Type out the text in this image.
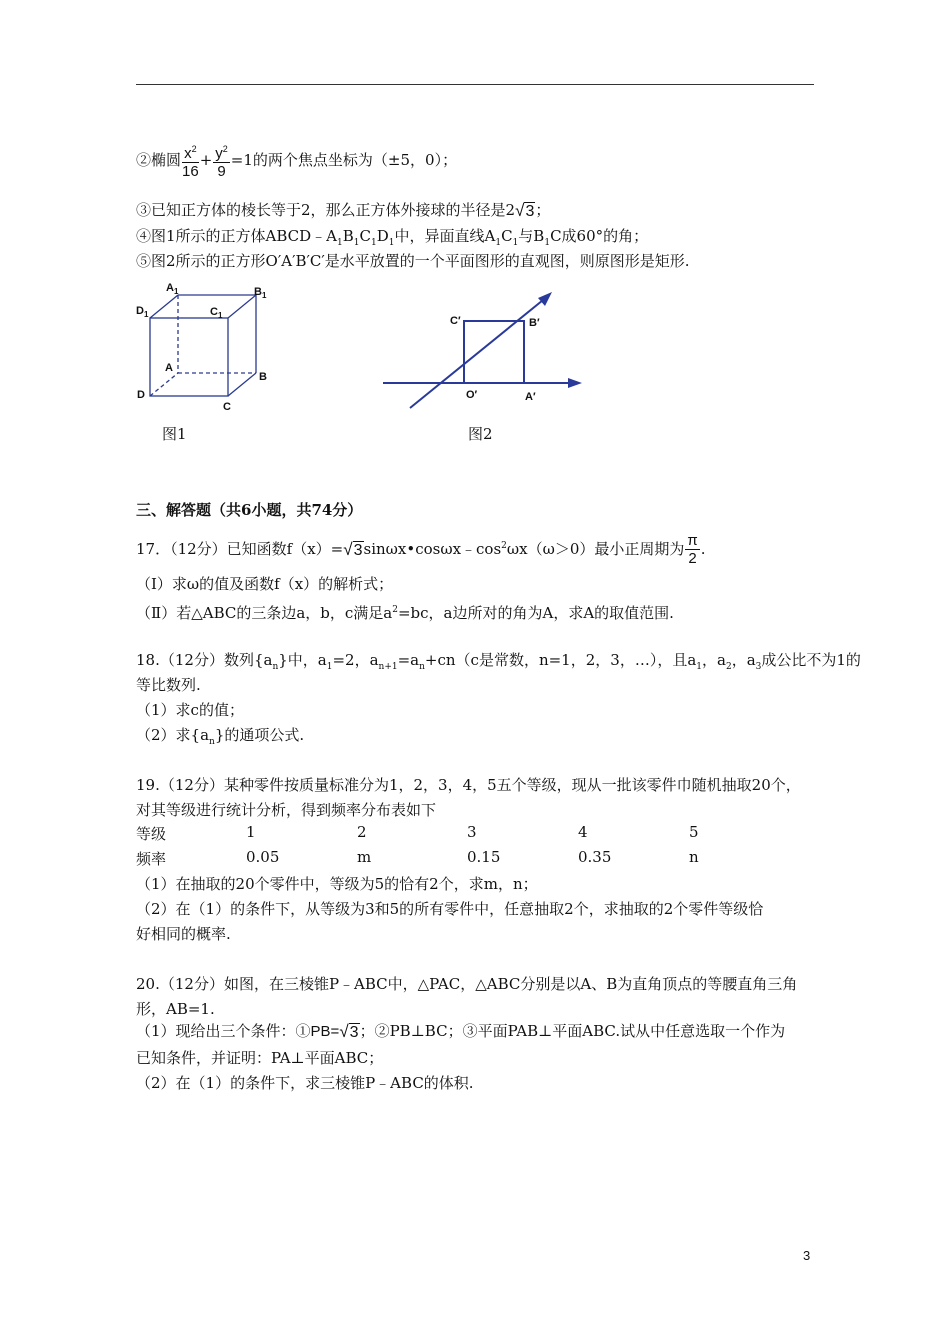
②椭圆 $\frac{x^2}{16} + \frac{y^2}{9} =1$的两个焦点坐标为（±5，0）；
③已知正方体的棱长等于2，那么正方体外接球的半径是2√3；
④图1所示的正方体$ABCD﹣A_1B_1C_1D_1$中，异面直线$A_1C_1$与$B_1C$成60°的角；
⑤图2所示的正方形O′A′B′C′是水平放置的一个平面图形的直观图，则原图形是矩形.
$A_1$	$B_1$
$D_1$	$C_1$
A
B
C
D
图1
C′	B′
O′	A′
图2
三、解答题（共6小题，共74分）
17．（12分）已知函数$f(x)=√3\sin\omega x•\cos\omega x﹣\cos^2\omega x(\omega>0)$最小正周期为 $\frac{\pi}{2}$ .
（Ⅰ）求ω的值及函数f（x）的解析式；
（Ⅱ）若△ABC的三条边a，b，c满足$a^2=bc$，a边所对的角为A，求A的取值范围.
18.（12分）数列$\{a_n\}$中，$a_1=2$，$a_{n+1}=a_n+cn(c$是常数，n=1，2，3，…），且$a_1$，$a_2$，$a_3$成公比不为1的
等比数列.
（1）求c的值；
（2）求$\{a_n\}$的通项公式.
19.（12分）某种零件按质量标准分为1，2，3，4，5五个等级，现从一批该零件巾随机抽取20个，
对其等级进行统计分析，得到频率分布表如下
等级	1	2	3	4	5
频率	0.05	m	0.15	0.35	n
（1）在抽取的20个零件中，等级为5的恰有2个，求m，n；
（2）在（1）的条件下，从等级为3和5的所有零件中，任意抽取2个，求抽取的2个零件等级恰
好相同的概率.
20.（12分）如图，在三棱锥P﹣ABC中，△PAC，△ABC分别是以A、B为直角顶点的等腰直角三角
形，AB=1.
（1）现给出三个条件：①PB=√3；②PB⊥BC；③平面PAB⊥平面ABC.试从中任意选取一个作为
已知条件，并证明：PA⊥平面ABC；
（2）在（1）的条件下，求三棱锥P﹣ABC的体积.
3
